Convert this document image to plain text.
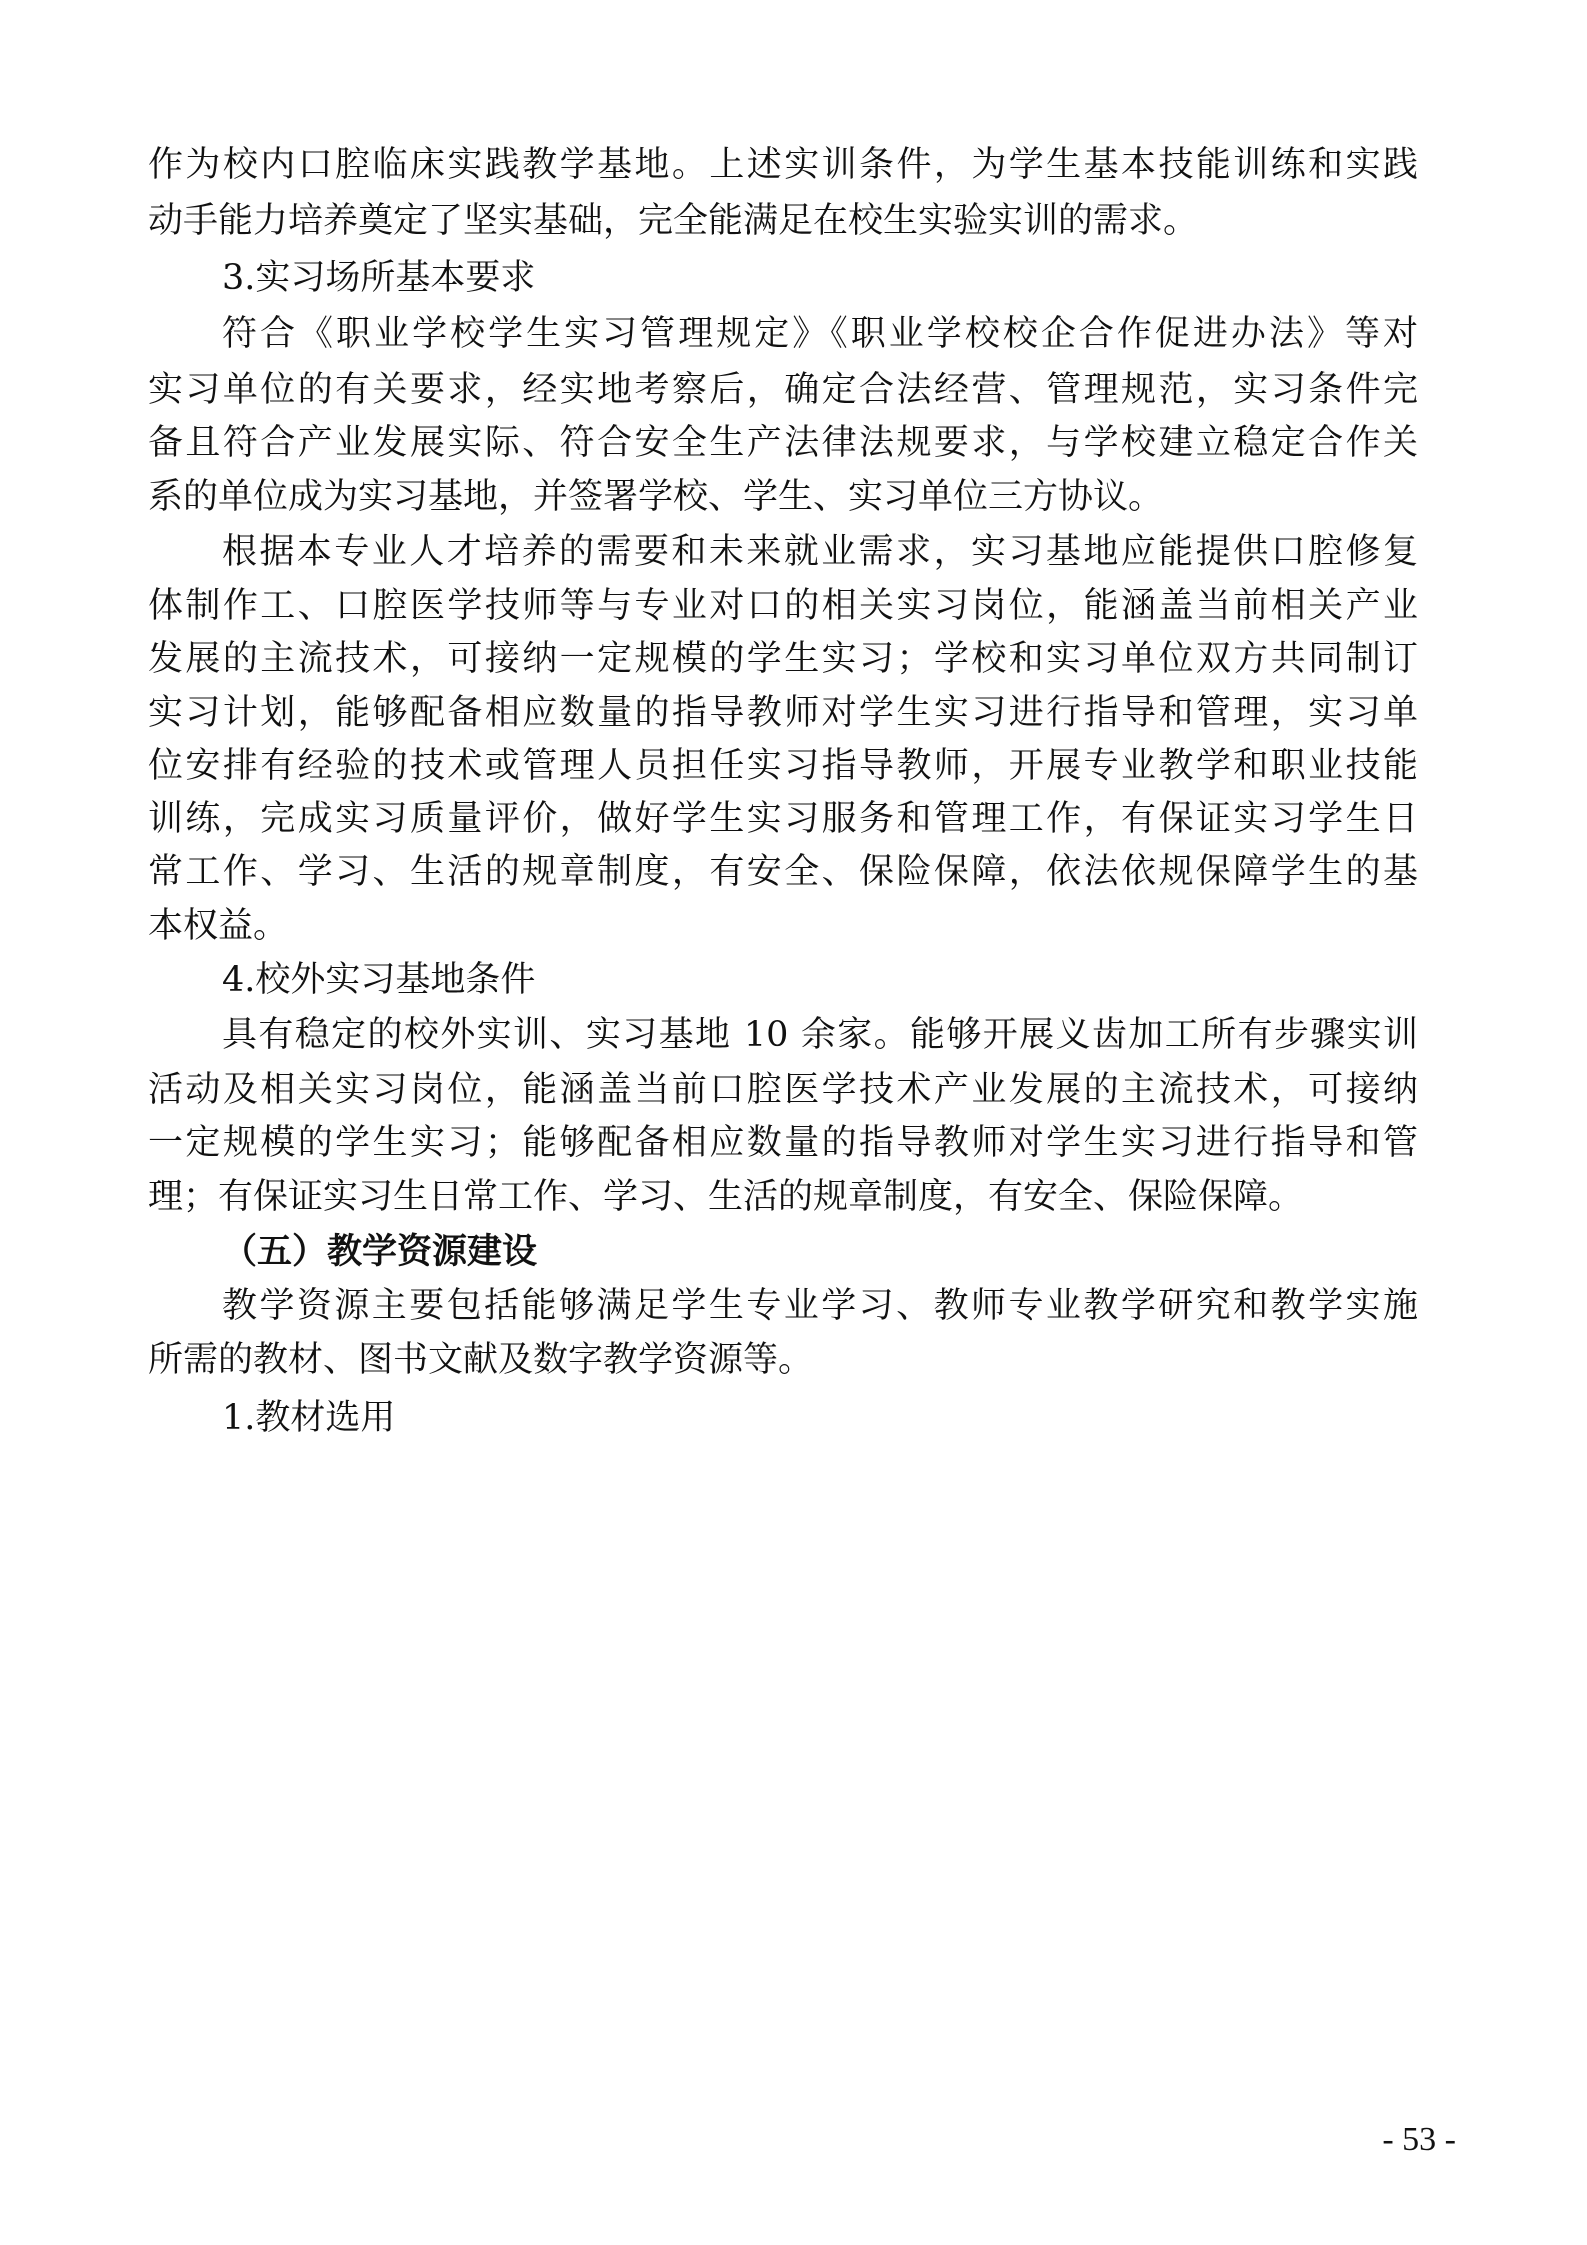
作为校内口腔临床实践教学基地。上述实训条件，为学生基本技能训练和实践
动手能力培养奠定了坚实基础，完全能满足在校生实验实训的需求。
3.实习场所基本要求
符合《职业学校学生实习管理规定》《职业学校校企合作促进办法》等对
实习单位的有关要求，经实地考察后，确定合法经营、管理规范，实习条件完
备且符合产业发展实际、符合安全生产法律法规要求，与学校建立稳定合作关
系的单位成为实习基地，并签署学校、学生、实习单位三方协议。
根据本专业人才培养的需要和未来就业需求，实习基地应能提供口腔修复
体制作工、口腔医学技师等与专业对口的相关实习岗位，能涵盖当前相关产业
发展的主流技术，可接纳一定规模的学生实习；学校和实习单位双方共同制订
实习计划，能够配备相应数量的指导教师对学生实习进行指导和管理，实习单
位安排有经验的技术或管理人员担任实习指导教师，开展专业教学和职业技能
训练，完成实习质量评价，做好学生实习服务和管理工作，有保证实习学生日
常工作、学习、生活的规章制度，有安全、保险保障，依法依规保障学生的基
本权益。
4.校外实习基地条件
具有稳定的校外实训、实习基地 10 余家。能够开展义齿加工所有步骤实训
活动及相关实习岗位，能涵盖当前口腔医学技术产业发展的主流技术，可接纳
一定规模的学生实习；能够配备相应数量的指导教师对学生实习进行指导和管
理；有保证实习生日常工作、学习、生活的规章制度，有安全、保险保障。
（五）教学资源建设
教学资源主要包括能够满足学生专业学习、教师专业教学研究和教学实施
所需的教材、图书文献及数字教学资源等。
1.教材选用
- 53 -
